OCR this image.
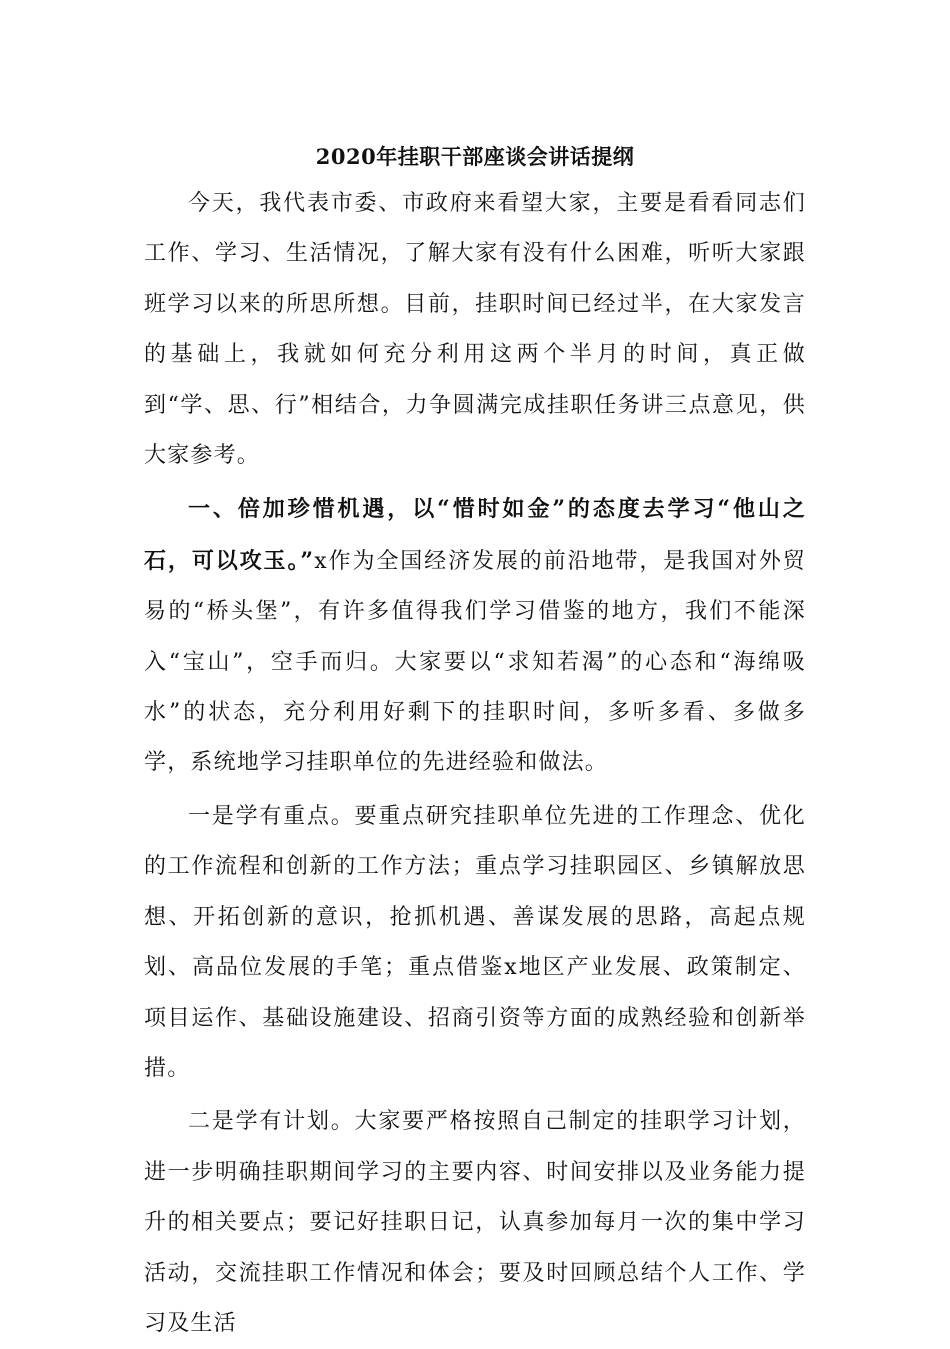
2020年挂职干部座谈会讲话提纲

今天，我代表市委、市政府来看望大家，主要是看看同志们工作、学习、生活情况，了解大家有没有什么困难，听听大家跟班学习以来的所思所想。目前，挂职时间已经过半，在大家发言的基础上，我就如何充分利用这两个半月的时间，真正做到“学、思、行”相结合，力争圆满完成挂职任务讲三点意见，供大家参考。

一、倍加珍惜机遇，以“惜时如金”的态度去学习“他山之石，可以攻玉。”x作为全国经济发展的前沿地带，是我国对外贸易的“桥头堡”，有许多值得我们学习借鉴的地方，我们不能深入“宝山”，空手而归。大家要以“求知若渴”的心态和“海绵吸水”的状态，充分利用好剩下的挂职时间，多听多看、多做多学，系统地学习挂职单位的先进经验和做法。

一是学有重点。要重点研究挂职单位先进的工作理念、优化的工作流程和创新的工作方法；重点学习挂职园区、乡镇解放思想、开拓创新的意识，抢抓机遇、善谋发展的思路，高起点规划、高品位发展的手笔；重点借鉴x地区产业发展、政策制定、项目运作、基础设施建设、招商引资等方面的成熟经验和创新举措。

二是学有计划。大家要严格按照自己制定的挂职学习计划，进一步明确挂职期间学习的主要内容、时间安排以及业务能力提升的相关要点；要记好挂职日记，认真参加每月一次的集中学习活动，交流挂职工作情况和体会；要及时回顾总结个人工作、学习及生活
